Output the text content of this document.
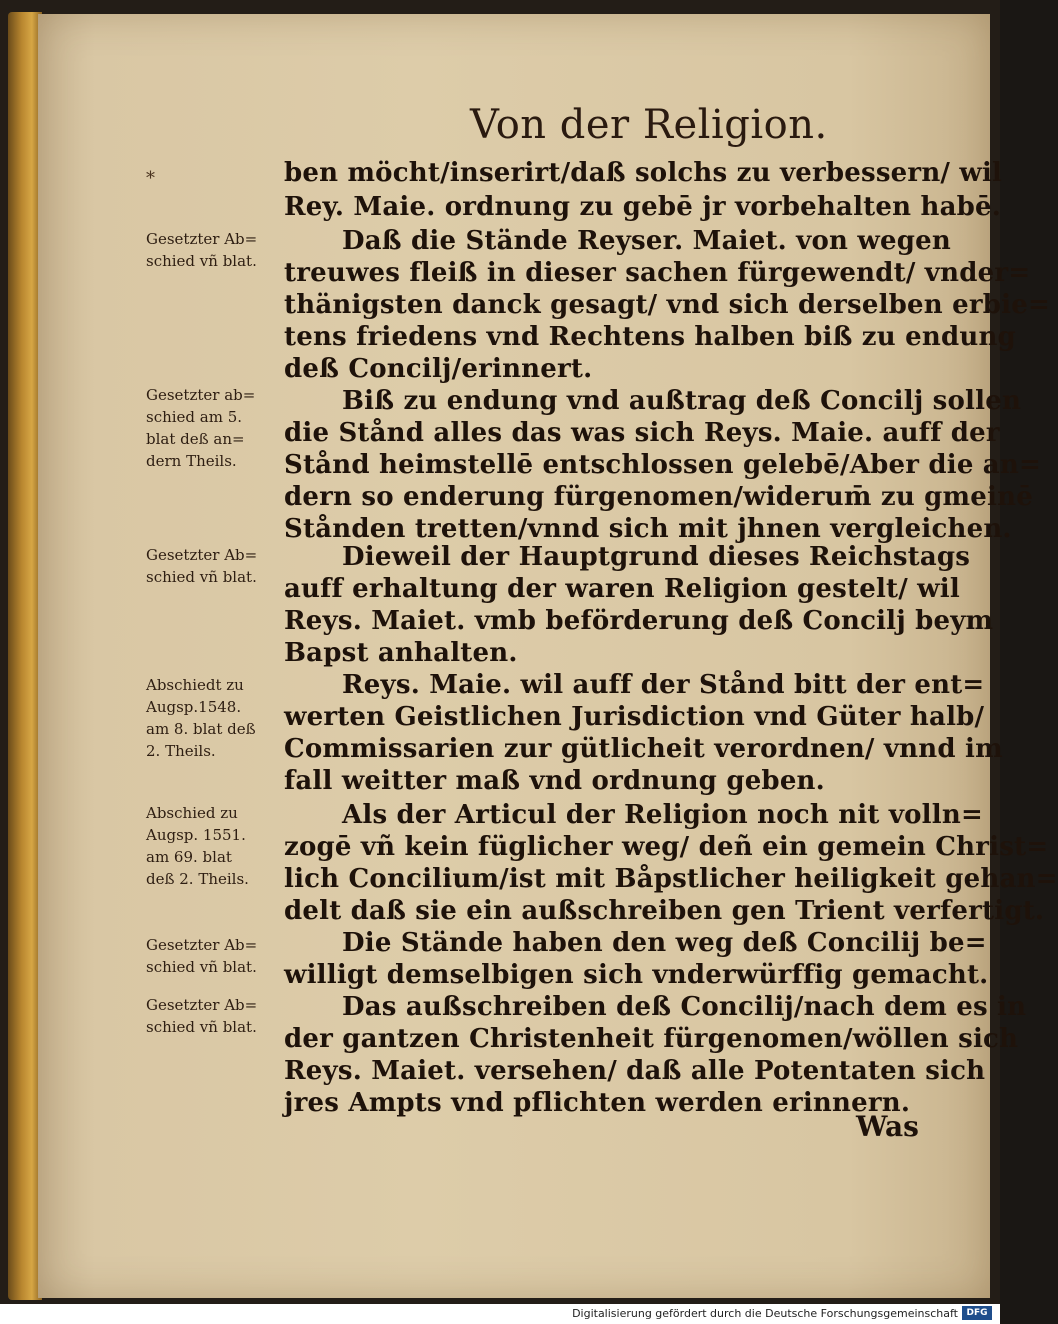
Von der Religion.
*	ben möcht/inserirt/daß solchs zu verbessern/ wil
Rey. Maie. ordnung zu gebē jr vorbehalten habē.
Daß die Stände Reyser. Maiet. von wegen
treuwes fleiß in dieser sachen fürgewendt/ vnder=
thänigsten danck gesagt/ vnd sich derselben erbie=
tens friedens vnd Rechtens halben biß zu endung
deß Concilj/erinnert.
Biß zu endung vnd außtrag deß Concilj sollen
die Stånd alles das was sich Reys. Maie. auff der
Stånd heimstellē entschlossen gelebē/Aber die an=
dern so enderung fürgenomen/widerum̄ zu gmeinē
Stånden tretten/vnnd sich mit jhnen vergleichen.
Dieweil der Hauptgrund dieses Reichstags
auff erhaltung der waren Religion gestelt/ wil
Reys. Maiet. vmb beförderung deß Concilj beym
Bapst anhalten.
Reys. Maie. wil auff der Stånd bitt der ent=
werten Geistlichen Jurisdiction vnd Güter halb/
Commissarien zur gütlicheit verordnen/ vnnd im
fall weitter maß vnd ordnung geben.
Als der Articul der Religion noch nit volln=
zogē vñ kein füglicher weg/ deñ ein gemein Christ=
lich Concilium/ist mit Båpstlicher heiligkeit gehan=
delt daß sie ein außschreiben gen Trient verfertigt.
Die Stände haben den weg deß Concilij be=
willigt demselbigen sich vnderwürffig gemacht.
Das außschreiben deß Concilij/nach dem es in
der gantzen Christenheit fürgenomen/wöllen sich
Reys. Maiet. versehen/ daß alle Potentaten sich
jres Ampts vnd pflichten werden erinnern.
Gesetzter Ab=
schied vñ blat.
Gesetzter ab=
schied am 5.
blat deß an=
dern Theils.
Gesetzter Ab=
schied vñ blat.
Abschiedt zu
Augsp.1548.
am 8. blat deß
2. Theils.
Abschied zu
Augsp. 1551.
am 69. blat
deß 2. Theils.
Gesetzter Ab=
schied vñ blat.
Gesetzter Ab=
schied vñ blat.
Was
Digitalisierung gefördert durch die Deutsche Forschungsgemeinschaft DFG
